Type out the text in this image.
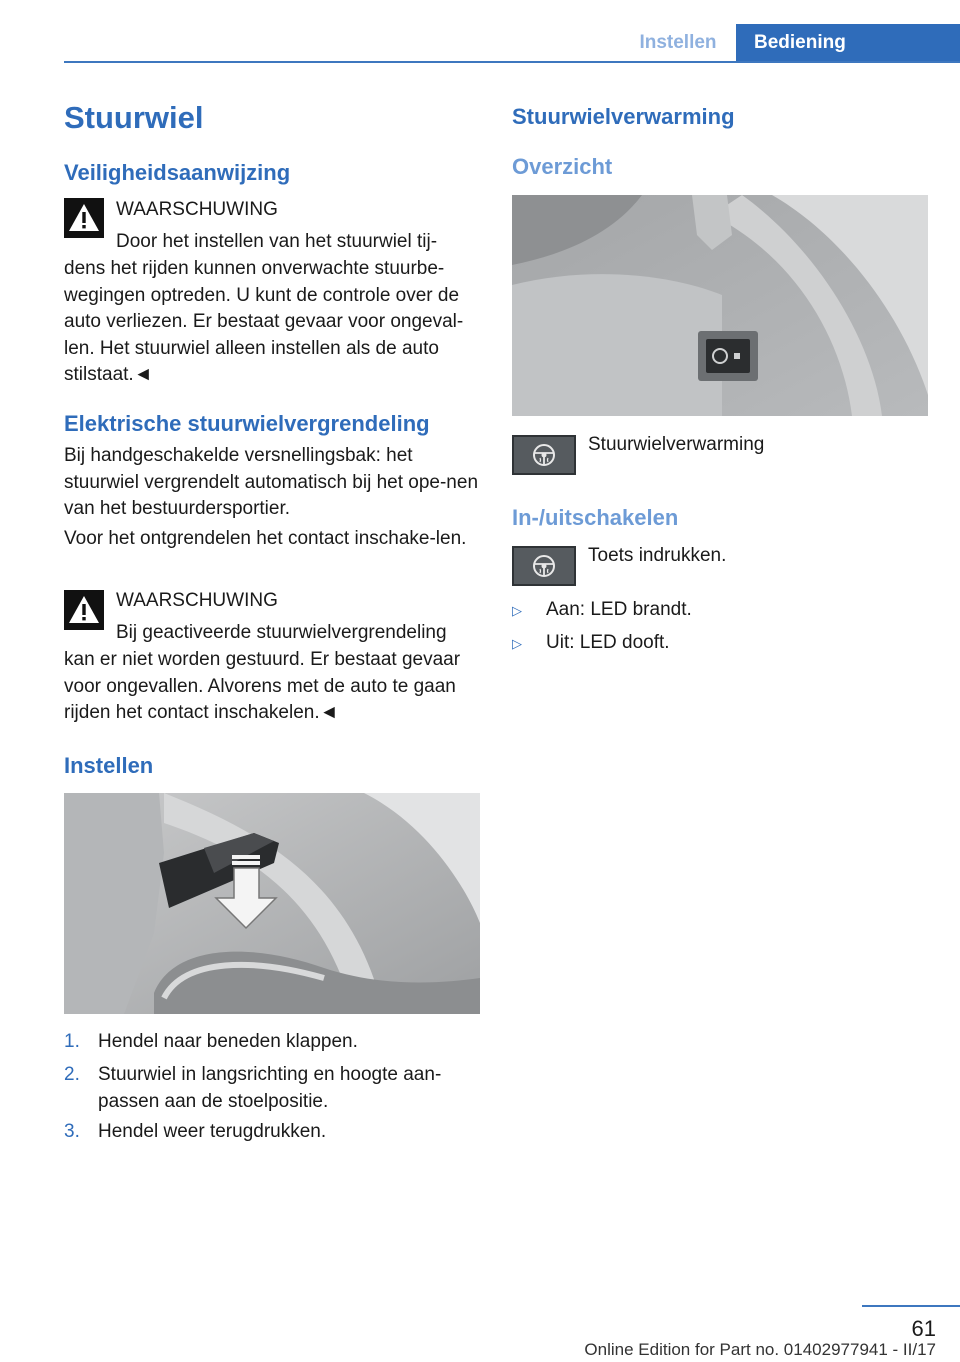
Instellen	Bediening
Stuurwiel
Veiligheidsaanwijzing
WAARSCHUWING
Door het instellen van het stuurwiel tij-
dens het rijden kunnen onverwachte stuurbe-wegingen optreden. U kunt de controle over de auto verliezen. Er bestaat gevaar voor ongeval-len. Het stuurwiel alleen instellen als de auto stilstaat.◄
Elektrische stuurwielvergrendeling
Bij handgeschakelde versnellingsbak: het stuurwiel vergrendelt automatisch bij het ope-nen van het bestuurdersportier.
Voor het ontgrendelen het contact inschake-len.
WAARSCHUWING
Bij geactiveerde stuurwielvergrendeling
kan er niet worden gestuurd. Er bestaat gevaar voor ongevallen. Alvorens met de auto te gaan rijden het contact inschakelen.◄
Instellen
1. Hendel naar beneden klappen.
2. Stuurwiel in langsrichting en hoogte aan-passen aan de stoelpositie.
3. Hendel weer terugdrukken.
Stuurwielverwarming
Overzicht
Stuurwielverwarming
In-/uitschakelen
Toets indrukken.
▷ Aan: LED brandt.
▷ Uit: LED dooft.
61
Online Edition for Part no. 01402977941 - II/17
